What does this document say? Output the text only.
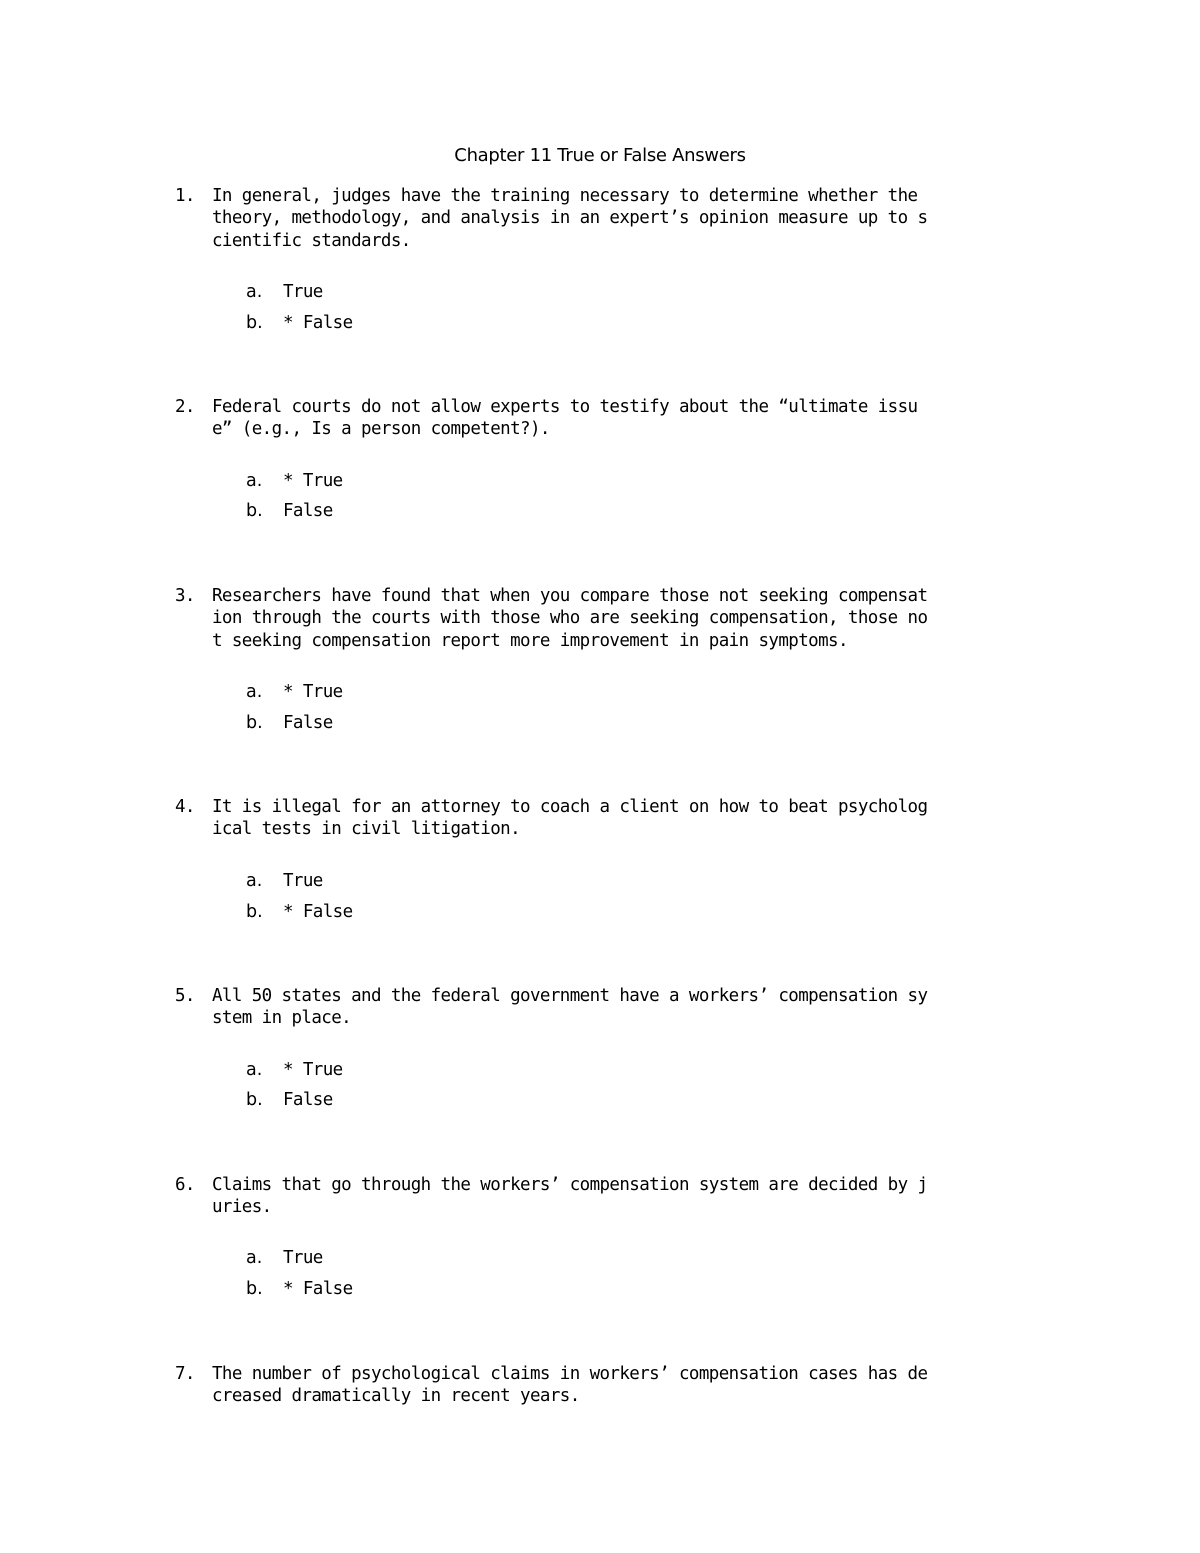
Chapter 11 True or False Answers
1. In general, judges have the training necessary to determine whether the
theory, methodology, and analysis in an expert’s opinion measure up to s
cientific standards.
a. True
b. * False
2. Federal courts do not allow experts to testify about the “ultimate issu
e” (e.g., Is a person competent?).
a. * True
b. False
3. Researchers have found that when you compare those not seeking compensat
ion through the courts with those who are seeking compensation, those no
t seeking compensation report more improvement in pain symptoms.
a. * True
b. False
4. It is illegal for an attorney to coach a client on how to beat psycholog
ical tests in civil litigation.
a. True
b. * False
5. All 50 states and the federal government have a workers’ compensation sy
stem in place.
a. * True
b. False
6. Claims that go through the workers’ compensation system are decided by j
uries.
a. True
b. * False
7. The number of psychological claims in workers’ compensation cases has de
creased dramatically in recent years.
